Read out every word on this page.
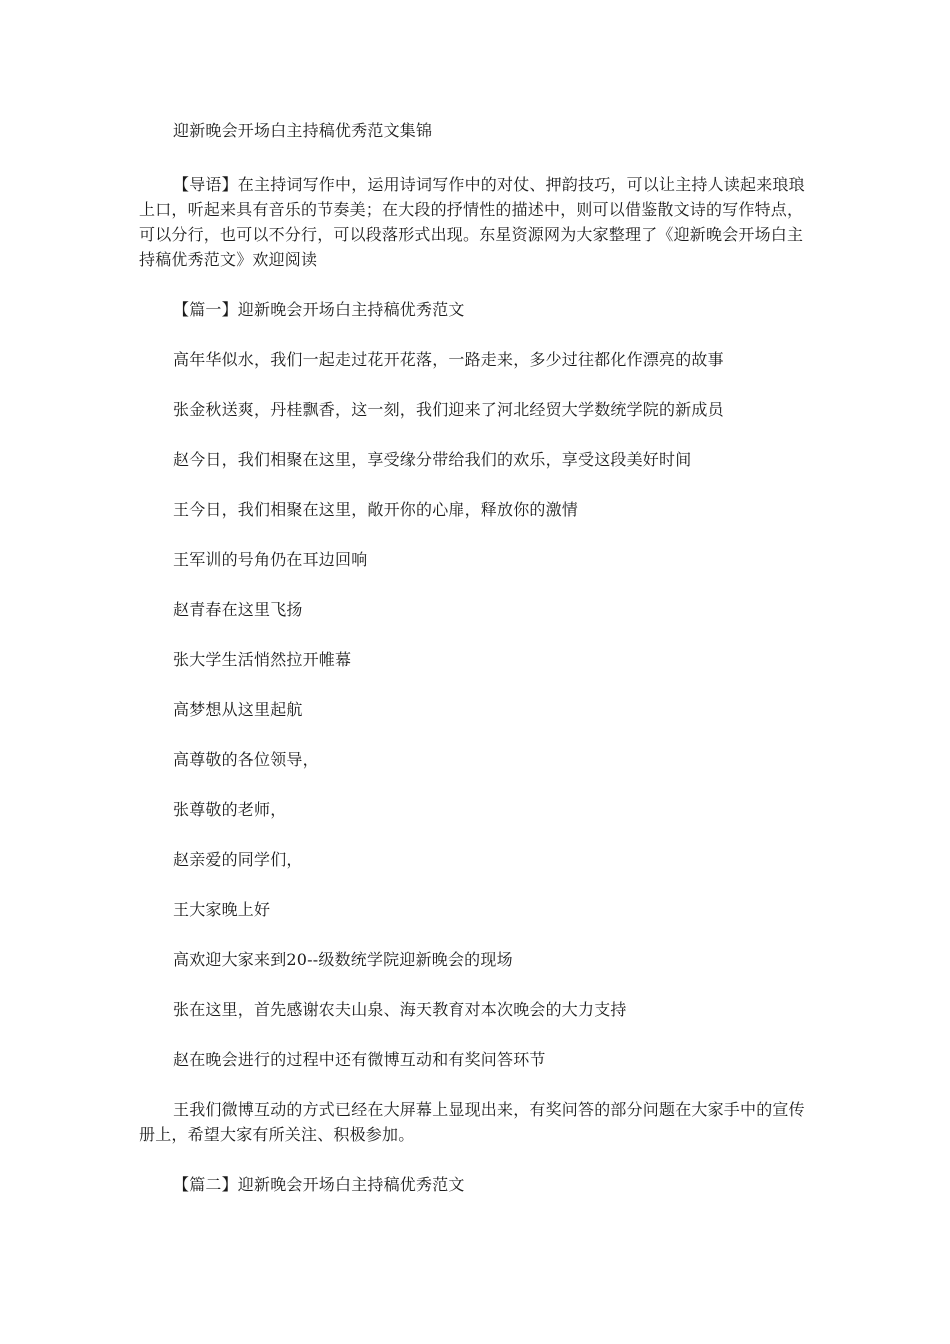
迎新晚会开场白主持稿优秀范文集锦

【导语】在主持词写作中，运用诗词写作中的对仗、押韵技巧，可以让主持人读起来琅琅上口，听起来具有音乐的节奏美；在大段的抒情性的描述中，则可以借鉴散文诗的写作特点，可以分行，也可以不分行，可以段落形式出现。东星资源网为大家整理了《迎新晚会开场白主持稿优秀范文》欢迎阅读

【篇一】迎新晚会开场白主持稿优秀范文

高年华似水，我们一起走过花开花落，一路走来，多少过往都化作漂亮的故事

张金秋送爽，丹桂飘香，这一刻，我们迎来了河北经贸大学数统学院的新成员

赵今日，我们相聚在这里，享受缘分带给我们的欢乐，享受这段美好时间

王今日，我们相聚在这里，敞开你的心扉，释放你的激情

王军训的号角仍在耳边回响

赵青春在这里飞扬

张大学生活悄然拉开帷幕

高梦想从这里起航

高尊敬的各位领导，

张尊敬的老师，

赵亲爱的同学们，

王大家晚上好

高欢迎大家来到20--级数统学院迎新晚会的现场

张在这里，首先感谢农夫山泉、海天教育对本次晚会的大力支持

赵在晚会进行的过程中还有微博互动和有奖问答环节

王我们微博互动的方式已经在大屏幕上显现出来，有奖问答的部分问题在大家手中的宣传册上，希望大家有所关注、积极参加。

【篇二】迎新晚会开场白主持稿优秀范文
